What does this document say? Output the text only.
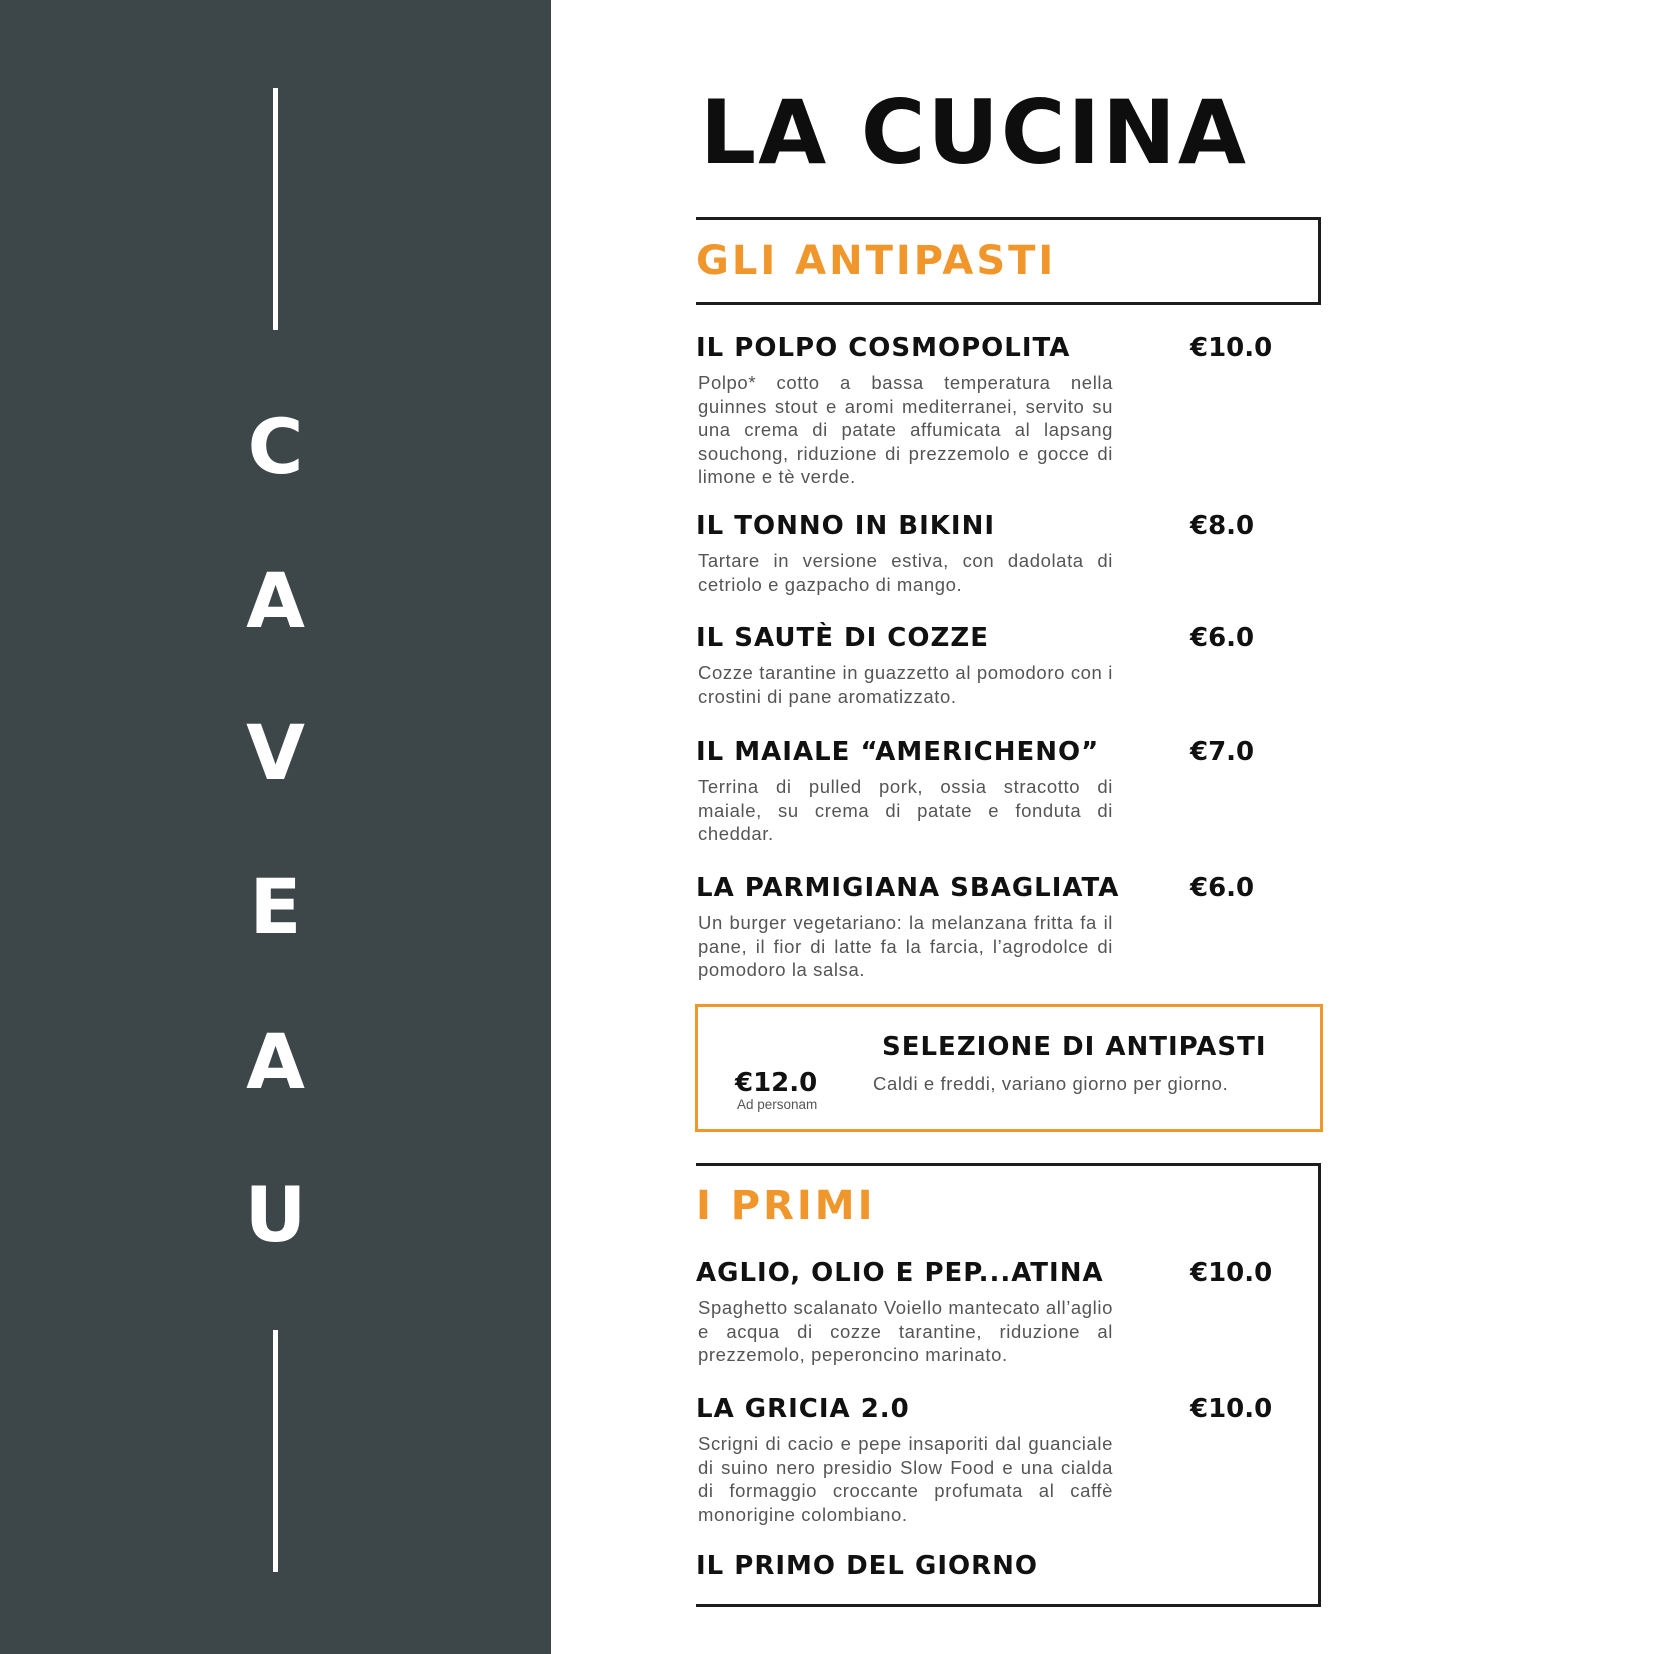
C
A
V
E
A
U
LA CUCINA
GLI ANTIPASTI
IL POLPO COSMOPOLITA	€10.0

Polpo* cotto a bassa temperatura nella guinnes stout e aromi mediterranei, servito su una crema di patate affumicata al lapsang souchong, riduzione di prezzemolo e gocce di limone e tè verde.

IL TONNO IN BIKINI	€8.0

Tartare in versione estiva, con dadolata di cetriolo e gazpacho di mango.

IL SAUTÈ DI COZZE	€6.0

Cozze tarantine in guazzetto al pomodoro con i crostini di pane aromatizzato.

IL MAIALE “AMERICHENO”	€7.0

Terrina di pulled pork, ossia stracotto di maiale, su crema di patate e fonduta di cheddar.

LA PARMIGIANA SBAGLIATA	€6.0

Un burger vegetariano: la melanzana fritta fa il pane, il fior di latte fa la farcia, l’agrodolce di pomodoro la salsa.

SELEZIONE DI ANTIPASTI
Caldi e freddi, variano giorno per giorno.
€12.0
Ad personam
I PRIMI
AGLIO, OLIO E PEP...ATINA	€10.0

Spaghetto scalanato Voiello mantecato all’aglio e acqua di cozze tarantine, riduzione al prezzemolo, peperoncino marinato.

LA GRICIA 2.0	€10.0

Scrigni di cacio e pepe insaporiti dal guanciale di suino nero presidio Slow Food e una cialda di formaggio croccante profumata al caffè monorigine colombiano.

IL PRIMO DEL GIORNO
